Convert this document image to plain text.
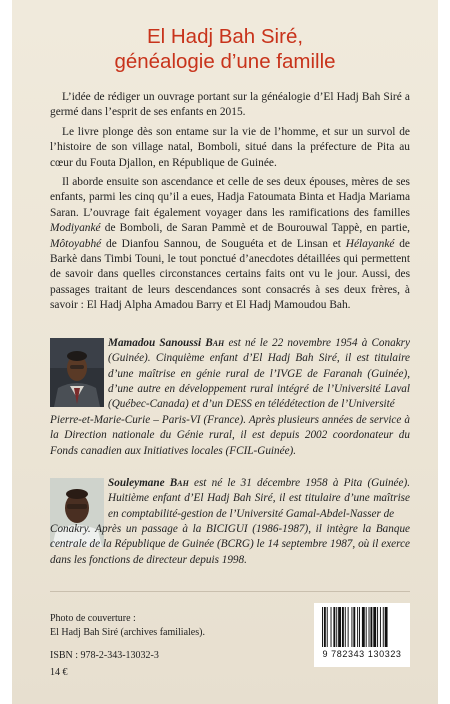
El Hadj Bah Siré,
généalogie d’une famille

L’idée de rédiger un ouvrage portant sur la généalogie d’El Hadj Bah Siré a germé dans l’esprit de ses enfants en 2015.

Le livre plonge dès son entame sur la vie de l’homme, et sur un survol de l’histoire de son village natal, Bomboli, situé dans la préfecture de Pita au cœur du Fouta Djallon, en République de Guinée.

Il aborde ensuite son ascendance et celle de ses deux épouses, mères de ses enfants, parmi les cinq qu’il a eues, Hadja Fatoumata Binta et Hadja Mariama Saran. L’ouvrage fait également voyager dans les ramifications des familles Modiyanké de Bomboli, de Saran Pammè et de Bourouwal Tappè, en partie, Môtoyabhé de Dianfou Sannou, de Souguéta et de Linsan et Hélayanké de Barkè dans Timbi Touni, le tout ponctué d’anecdotes détaillées qui permettent de savoir dans quelles circonstances certains faits ont vu le jour. Aussi, des passages traitant de leurs descendances sont consacrés à ses deux frères, à savoir : El Hadj Alpha Amadou Barry et El Hadj Mamoudou Bah.

Mamadou Sanoussi Bah est né le 22 novembre 1954 à Conakry (Guinée). Cinquième enfant d’El Hadj Bah Siré, il est titulaire d’une maîtrise en génie rural de l’IVGE de Faranah (Guinée), d’une autre en développement rural intégré de l’Université Laval (Québec-Canada) et d’un DESS en télédétection de l’Université

Pierre-et-Marie-Curie – Paris-VI (France). Après plusieurs années de service à la Direction nationale du Génie rural, il est depuis 2002 coordonateur du Fonds canadien aux Initiatives locales (FCIL-Guinée).

Souleymane Bah est né le 31 décembre 1958 à Pita (Guinée). Huitième enfant d’El Hadj Bah Siré, il est titulaire d’une maîtrise en comptabilité-gestion de l’Université Gamal-Abdel-Nasser de

Conakry. Après un passage à la BICIGUI (1986-1987), il intègre la Banque centrale de la République de Guinée (BCRG) le 14 septembre 1987, où il exerce dans les fonctions de directeur depuis 1998.

Photo de couverture :
El Hadj Bah Siré (archives familiales).
ISBN : 978-2-343-13032-3
14 €
9 782343 130323
